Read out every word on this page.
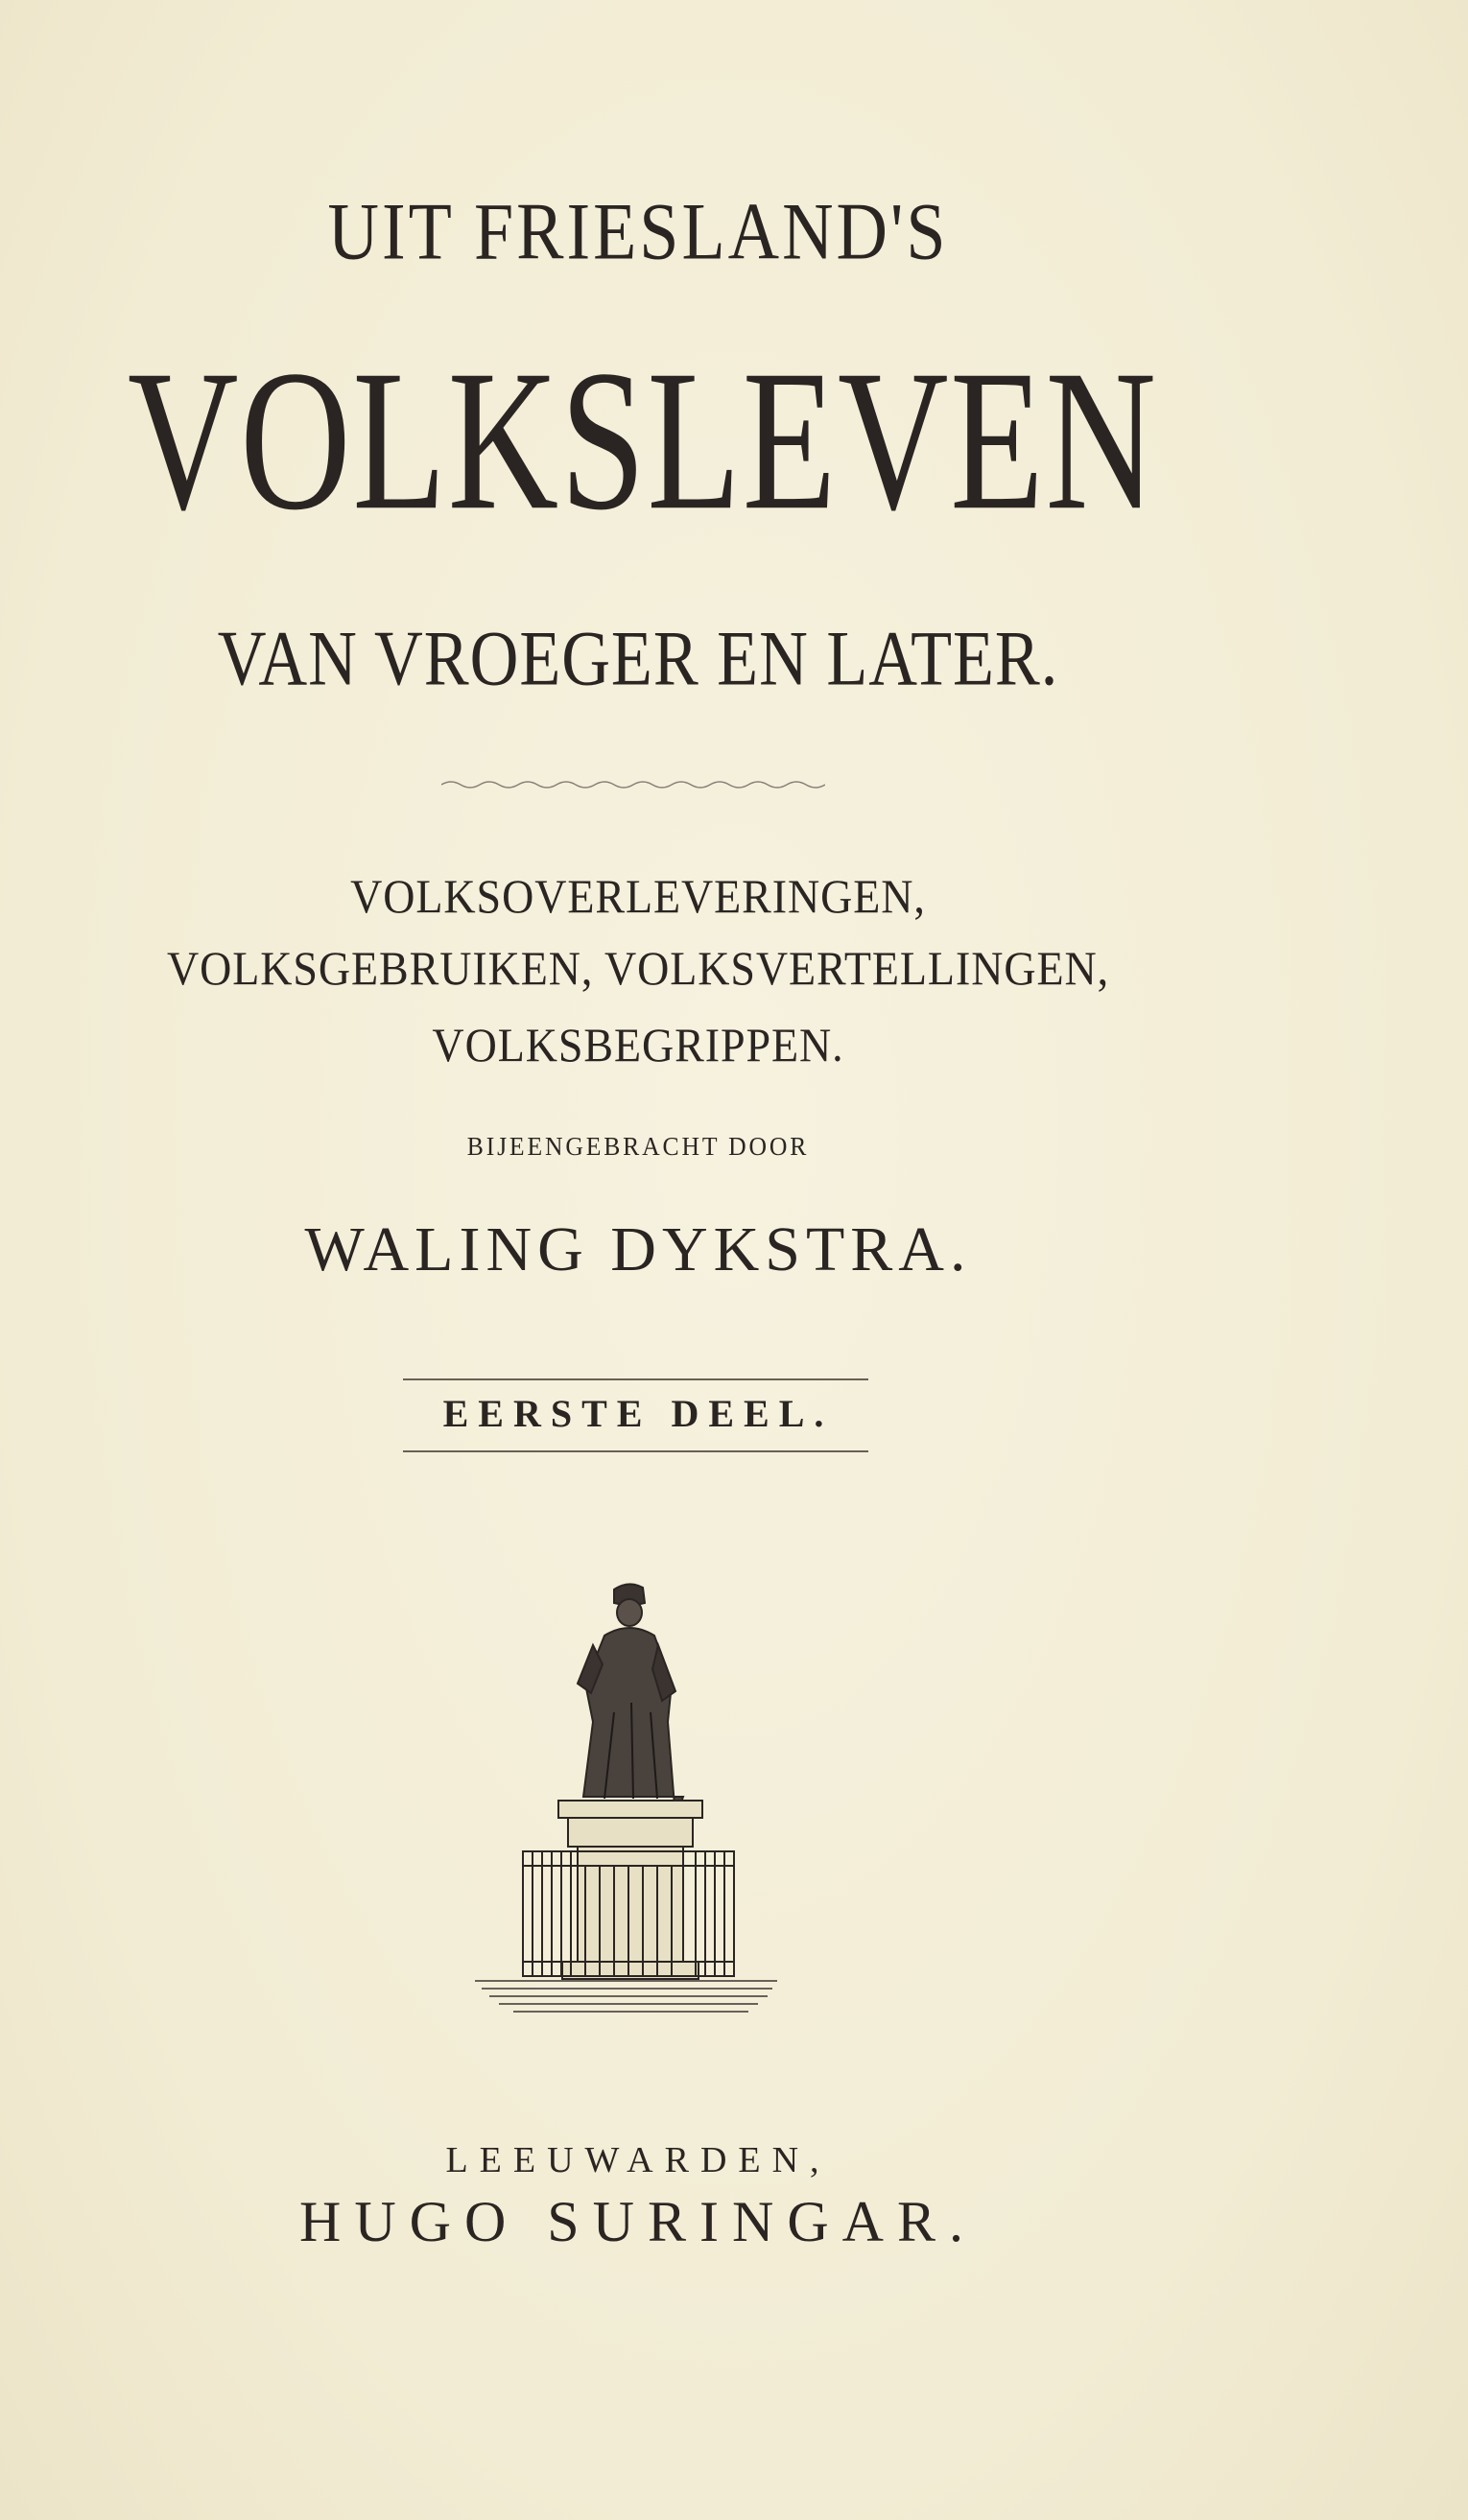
UIT FRIESLAND'S
VOLKSLEVEN
VAN VROEGER EN LATER.
VOLKSOVERLEVERINGEN,
VOLKSGEBRUIKEN, VOLKSVERTELLINGEN,
VOLKSBEGRIPPEN.
BIJEENGEBRACHT DOOR
WALING DYKSTRA.
EERSTE DEEL.
LEEUWARDEN,
HUGO SURINGAR.
